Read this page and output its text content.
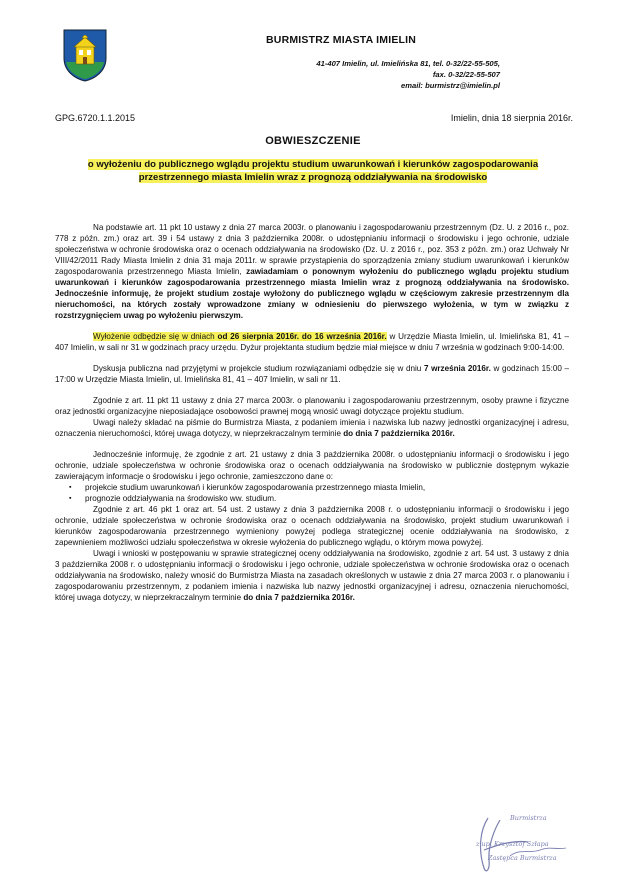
BURMISTRZ MIASTA IMIELIN
41-407 Imielin, ul. Imielińska 81, tel. 0-32/22-55-505,
fax. 0-32/22-55-507
email: burmistrz@imielin.pl
GPG.6720.1.1.2015	Imielin, dnia 18 sierpnia 2016r.
OBWIESZCZENIE
o wyłożeniu do publicznego wglądu projektu studium uwarunkowań i kierunków zagospodarowania przestrzennego miasta Imielin wraz z prognozą oddziaływania na środowisko

Na podstawie art. 11 pkt 10 ustawy z dnia 27 marca 2003r. o planowaniu i zagospodarowaniu przestrzennym (Dz. U. z 2016 r., poz. 778 z późn. zm.) oraz art. 39 i 54 ustawy z dnia 3 października 2008r. o udostępnianiu informacji o środowisku i jego ochronie, udziale społeczeństwa w ochronie środowiska oraz o ocenach oddziaływania na środowisko (Dz. U. z 2016 r., poz. 353 z późn. zm.) oraz Uchwały Nr VIII/42/2011 Rady Miasta Imielin z dnia 31 maja 2011r. w sprawie przystąpienia do sporządzenia zmiany studium uwarunkowań i kierunków zagospodarowania przestrzennego Miasta Imielin, zawiadamiam o ponownym wyłożeniu do publicznego wglądu projektu studium uwarunkowań i kierunków zagospodarowania przestrzennego miasta Imielin wraz z prognozą oddziaływania na środowisko. Jednocześnie informuję, że projekt studium zostaje wyłożony do publicznego wglądu w częściowym zakresie przestrzennym dla nieruchomości, na których zostały wprowadzone zmiany w odniesieniu do pierwszego wyłożenia, w tym w związku z rozstrzygnięciem uwag po wyłożeniu pierwszym.

Wyłożenie odbędzie się w dniach od 26 sierpnia 2016r. do 16 września 2016r. w Urzędzie Miasta Imielin, ul. Imielińska 81, 41 – 407 Imielin, w sali nr 31 w godzinach pracy urzędu. Dyżur projektanta studium będzie miał miejsce w dniu 7 września w godzinach 9:00-14:00.

Dyskusja publiczna nad przyjętymi w projekcie studium rozwiązaniami odbędzie się w dniu 7 września 2016r. w godzinach 15:00 – 17:00 w Urzędzie Miasta Imielin, ul. Imielińska 81, 41 – 407 Imielin, w sali nr 11.

Zgodnie z art. 11 pkt 11 ustawy z dnia 27 marca 2003r. o planowaniu i zagospodarowaniu przestrzennym, osoby prawne i fizyczne oraz jednostki organizacyjne nieposiadające osobowości prawnej mogą wnosić uwagi dotyczące projektu studium.

Uwagi należy składać na piśmie do Burmistrza Miasta, z podaniem imienia i nazwiska lub nazwy jednostki organizacyjnej i adresu, oznaczenia nieruchomości, której uwaga dotyczy, w nieprzekraczalnym terminie do dnia 7 października 2016r.

Jednocześnie informuję, że zgodnie z art. 21 ustawy z dnia 3 października 2008r. o udostępnianiu informacji o środowisku i jego ochronie, udziale społeczeństwa w ochronie środowiska oraz o ocenach oddziaływania na środowisko w publicznie dostępnym wykazie zawierającym informacje o środowisku i jego ochronie, zamieszczono dane o:

▪ projekcie studium uwarunkowań i kierunków zagospodarowania przestrzennego miasta Imielin,
▪ prognozie oddziaływania na środowisko ww. studium.

Zgodnie z art. 46 pkt 1 oraz art. 54 ust. 2 ustawy z dnia 3 października 2008 r. o udostępnianiu informacji o środowisku i jego ochronie, udziale społeczeństwa w ochronie środowiska oraz o ocenach oddziaływania na środowisko, projekt studium uwarunkowań i kierunków zagospodarowania przestrzennego wymieniony powyżej podlega strategicznej ocenie oddziaływania na środowisko, z zapewnieniem możliwości udziału społeczeństwa w okresie wyłożenia do publicznego wglądu, o którym mowa powyżej.

Uwagi i wnioski w postępowaniu w sprawie strategicznej oceny oddziaływania na środowisko, zgodnie z art. 54 ust. 3 ustawy z dnia 3 października 2008 r. o udostępnianiu informacji o środowisku i jego ochronie, udziale społeczeństwa w ochronie środowiska oraz o ocenach oddziaływania na środowisko, należy wnosić do Burmistrza Miasta na zasadach określonych w ustawie z dnia 27 marca 2003 r. o planowaniu i zagospodarowaniu przestrzennym, z podaniem imienia i nazwiska lub nazwy jednostki organizacyjnej i adresu, oznaczenia nieruchomości, której uwaga dotyczy, w nieprzekraczalnym terminie do dnia 7 października 2016r.

Burmistrza
z up. Krzysztof Szłapa
Zastępca Burmistrza
